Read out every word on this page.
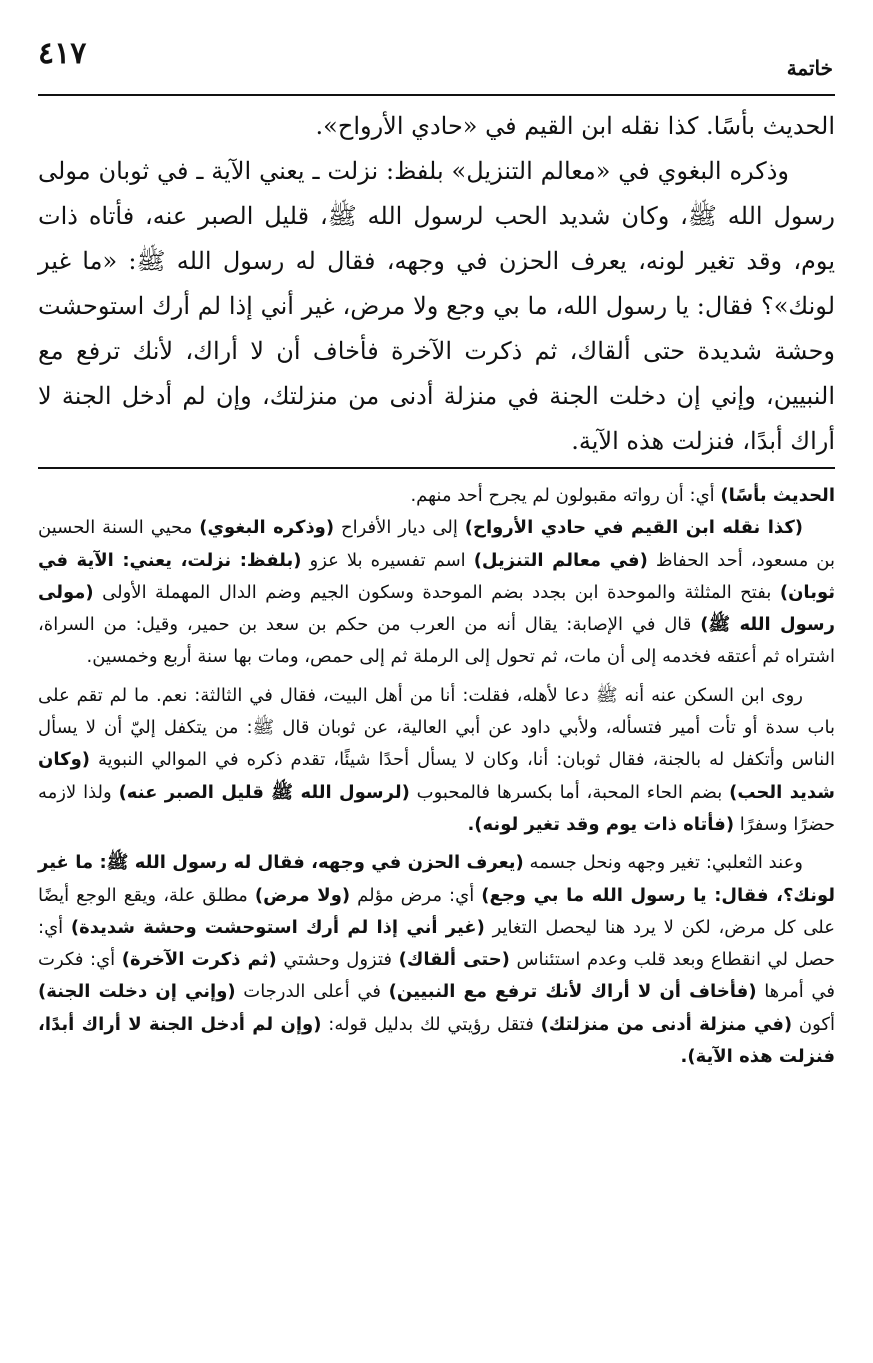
٤١٧	خاتمة

الحديث بأسًا. كذا نقله ابن القيم في «حادي الأرواح».

وذكره البغوي في «معالم التنزيل» بلفظ: نزلت ـ يعني الآية ـ في ثوبان مولى رسول الله ﷺ، وكان شديد الحب لرسول الله ﷺ، قليل الصبر عنه، فأتاه ذات يوم، وقد تغير لونه، يعرف الحزن في وجهه، فقال له رسول الله ﷺ: «ما غير لونك»؟ فقال: يا رسول الله، ما بي وجع ولا مرض، غير أني إذا لم أرك استوحشت وحشة شديدة حتى ألقاك، ثم ذكرت الآخرة فأخاف أن لا أراك، لأنك ترفع مع النبيين، وإني إن دخلت الجنة في منزلة أدنى من منزلتك، وإن لم أدخل الجنة لا أراك أبدًا، فنزلت هذه الآية.

الحديث بأسًا) أي: أن رواته مقبولون لم يجرح أحد منهم.

(كذا نقله ابن القيم في حادي الأرواح) إلى ديار الأفراح (وذكره البغوي) محيي السنة الحسين بن مسعود، أحد الحفاظ (في معالم التنزيل) اسم تفسيره بلا عزو (بلفظ: نزلت، يعني: الآية في ثوبان) بفتح المثلثة والموحدة ابن بجدد بضم الموحدة وسكون الجيم وضم الدال المهملة الأولى (مولى رسول الله ﷺ) قال في الإصابة: يقال أنه من العرب من حكم بن سعد بن حمير، وقيل: من السراة، اشتراه ثم أعتقه فخدمه إلى أن مات، ثم تحول إلى الرملة ثم إلى حمص، ومات بها سنة أربع وخمسين.

روى ابن السكن عنه أنه ﷺ دعا لأهله، فقلت: أنا من أهل البيت، فقال في الثالثة: نعم. ما لم تقم على باب سدة أو تأت أمير فتسأله، ولأبي داود عن أبي العالية، عن ثوبان قال ﷺ: من يتكفل إليّ أن لا يسأل الناس وأتكفل له بالجنة، فقال ثوبان: أنا، وكان لا يسأل أحدًا شيئًا، تقدم ذكره في الموالي النبوية (وكان شديد الحب) بضم الحاء المحبة، أما بكسرها فالمحبوب (لرسول الله ﷺ قليل الصبر عنه) ولذا لازمه حضرًا وسفرًا (فأتاه ذات يوم وقد تغير لونه).

وعند الثعلبي: تغير وجهه ونحل جسمه (يعرف الحزن في وجهه، فقال له رسول الله ﷺ: ما غير لونك؟، فقال: يا رسول الله ما بي وجع) أي: مرض مؤلم (ولا مرض) مطلق علة، ويقع الوجع أيضًا على كل مرض، لكن لا يرد هنا ليحصل التغاير (غير أني إذا لم أرك استوحشت وحشة شديدة) أي: حصل لي انقطاع وبعد قلب وعدم استئناس (حتى ألقاك) فتزول وحشتي (ثم ذكرت الآخرة) أي: فكرت في أمرها (فأخاف أن لا أراك لأنك ترفع مع النبيين) في أعلى الدرجات (وإني إن دخلت الجنة) أكون (في منزلة أدنى من منزلتك) فتقل رؤيتي لك بدليل قوله: (وإن لم أدخل الجنة لا أراك أبدًا، فنزلت هذه الآية).
